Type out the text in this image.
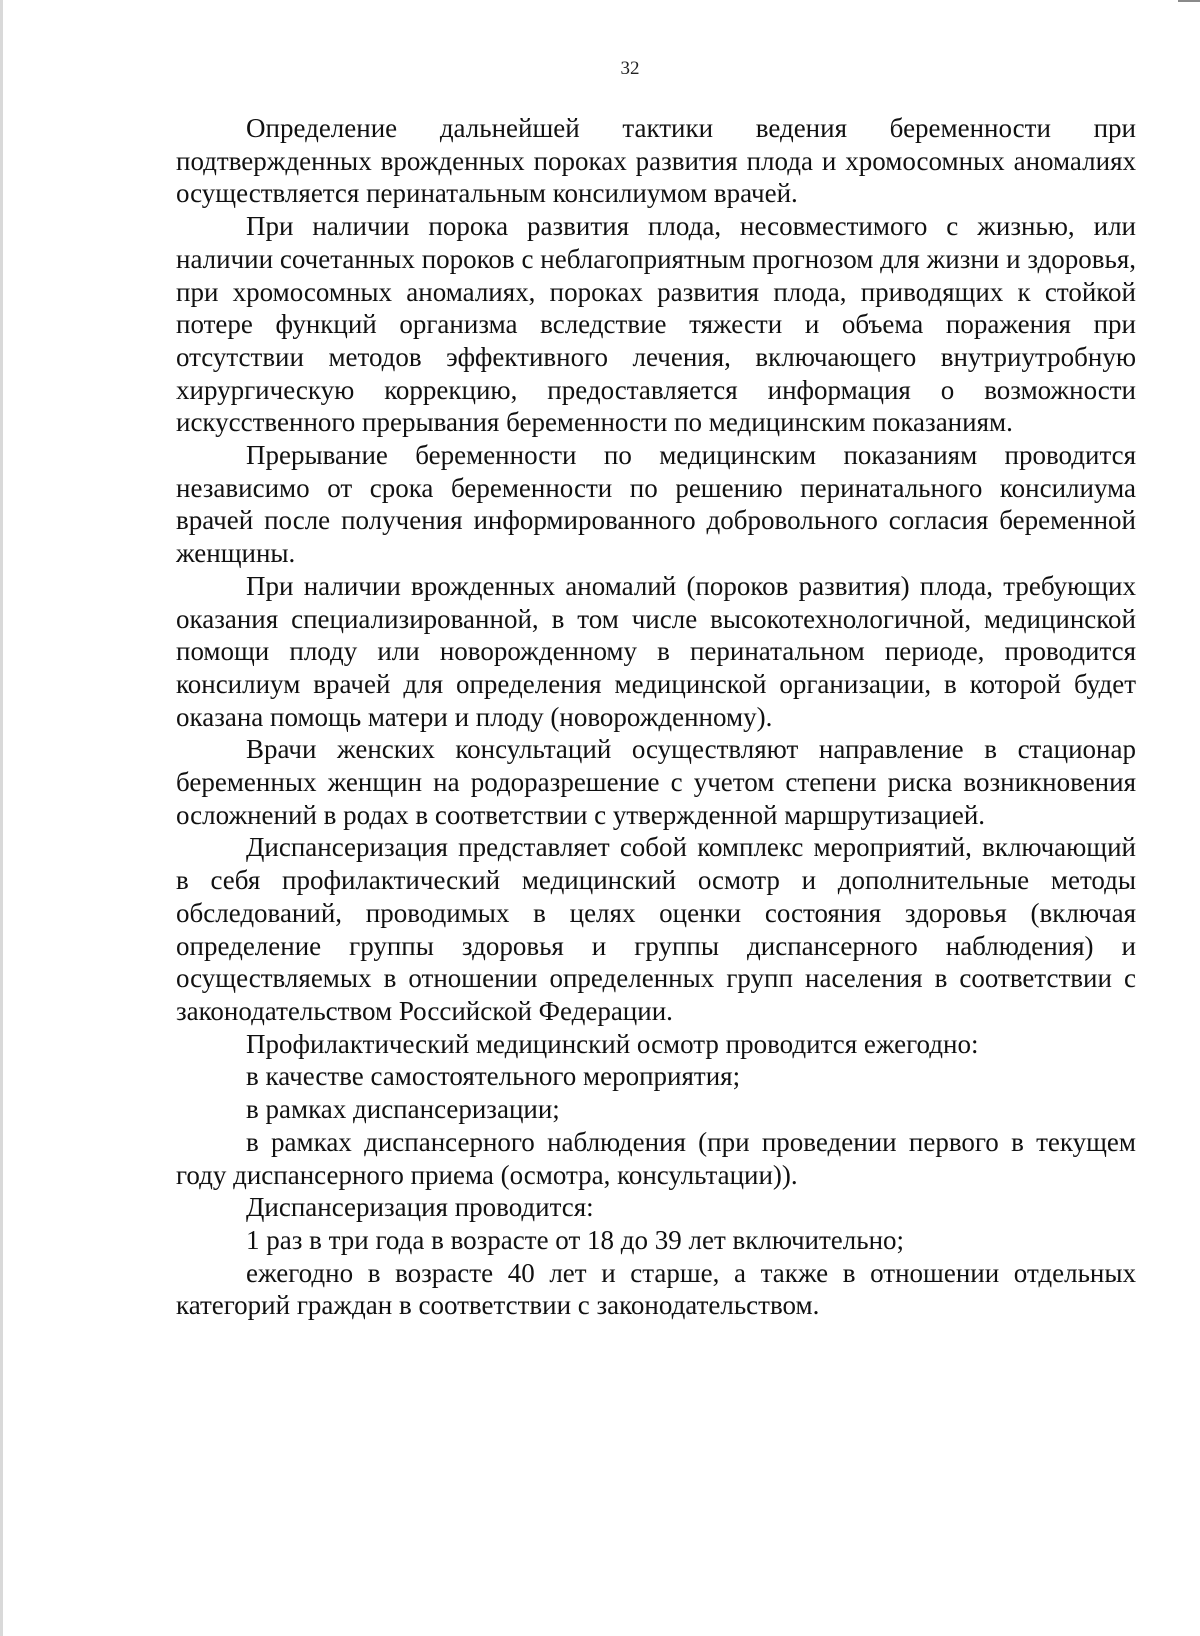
32

Определение дальнейшей тактики ведения беременности при подтвержденных врожденных пороках развития плода и хромосомных аномалиях осуществляется перинатальным консилиумом врачей.

При наличии порока развития плода, несовместимого с жизнью, или наличии сочетанных пороков с неблагоприятным прогнозом для жизни и здоровья, при хромосомных аномалиях, пороках развития плода, приводящих к стойкой потере функций организма вследствие тяжести и объема поражения при отсутствии методов эффективного лечения, включающего внутриутробную хирургическую коррекцию, предоставляется информация о возможности искусственного прерывания беременности по медицинским показаниям.

Прерывание беременности по медицинским показаниям проводится независимо от срока беременности по решению перинатального консилиума врачей после получения информированного добровольного согласия беременной женщины.

При наличии врожденных аномалий (пороков развития) плода, требующих оказания специализированной, в том числе высокотехнологичной, медицинской помощи плоду или новорожденному в перинатальном периоде, проводится консилиум врачей для определения медицинской организации, в которой будет оказана помощь матери и плоду (новорожденному).

Врачи женских консультаций осуществляют направление в стационар беременных женщин на родоразрешение с учетом степени риска возникновения осложнений в родах в соответствии с утвержденной маршрутизацией.

Диспансеризация представляет собой комплекс мероприятий, включающий в себя профилактический медицинский осмотр и дополнительные методы обследований, проводимых в целях оценки состояния здоровья (включая определение группы здоровья и группы диспансерного наблюдения) и осуществляемых в отношении определенных групп населения в соответствии с законодательством Российской Федерации.

Профилактический медицинский осмотр проводится ежегодно:

в качестве самостоятельного мероприятия;

в рамках диспансеризации;

в рамках диспансерного наблюдения (при проведении первого в текущем году диспансерного приема (осмотра, консультации)).

Диспансеризация проводится:

1 раз в три года в возрасте от 18 до 39 лет включительно;

ежегодно в возрасте 40 лет и старше, а также в отношении отдельных категорий граждан в соответствии с законодательством.
